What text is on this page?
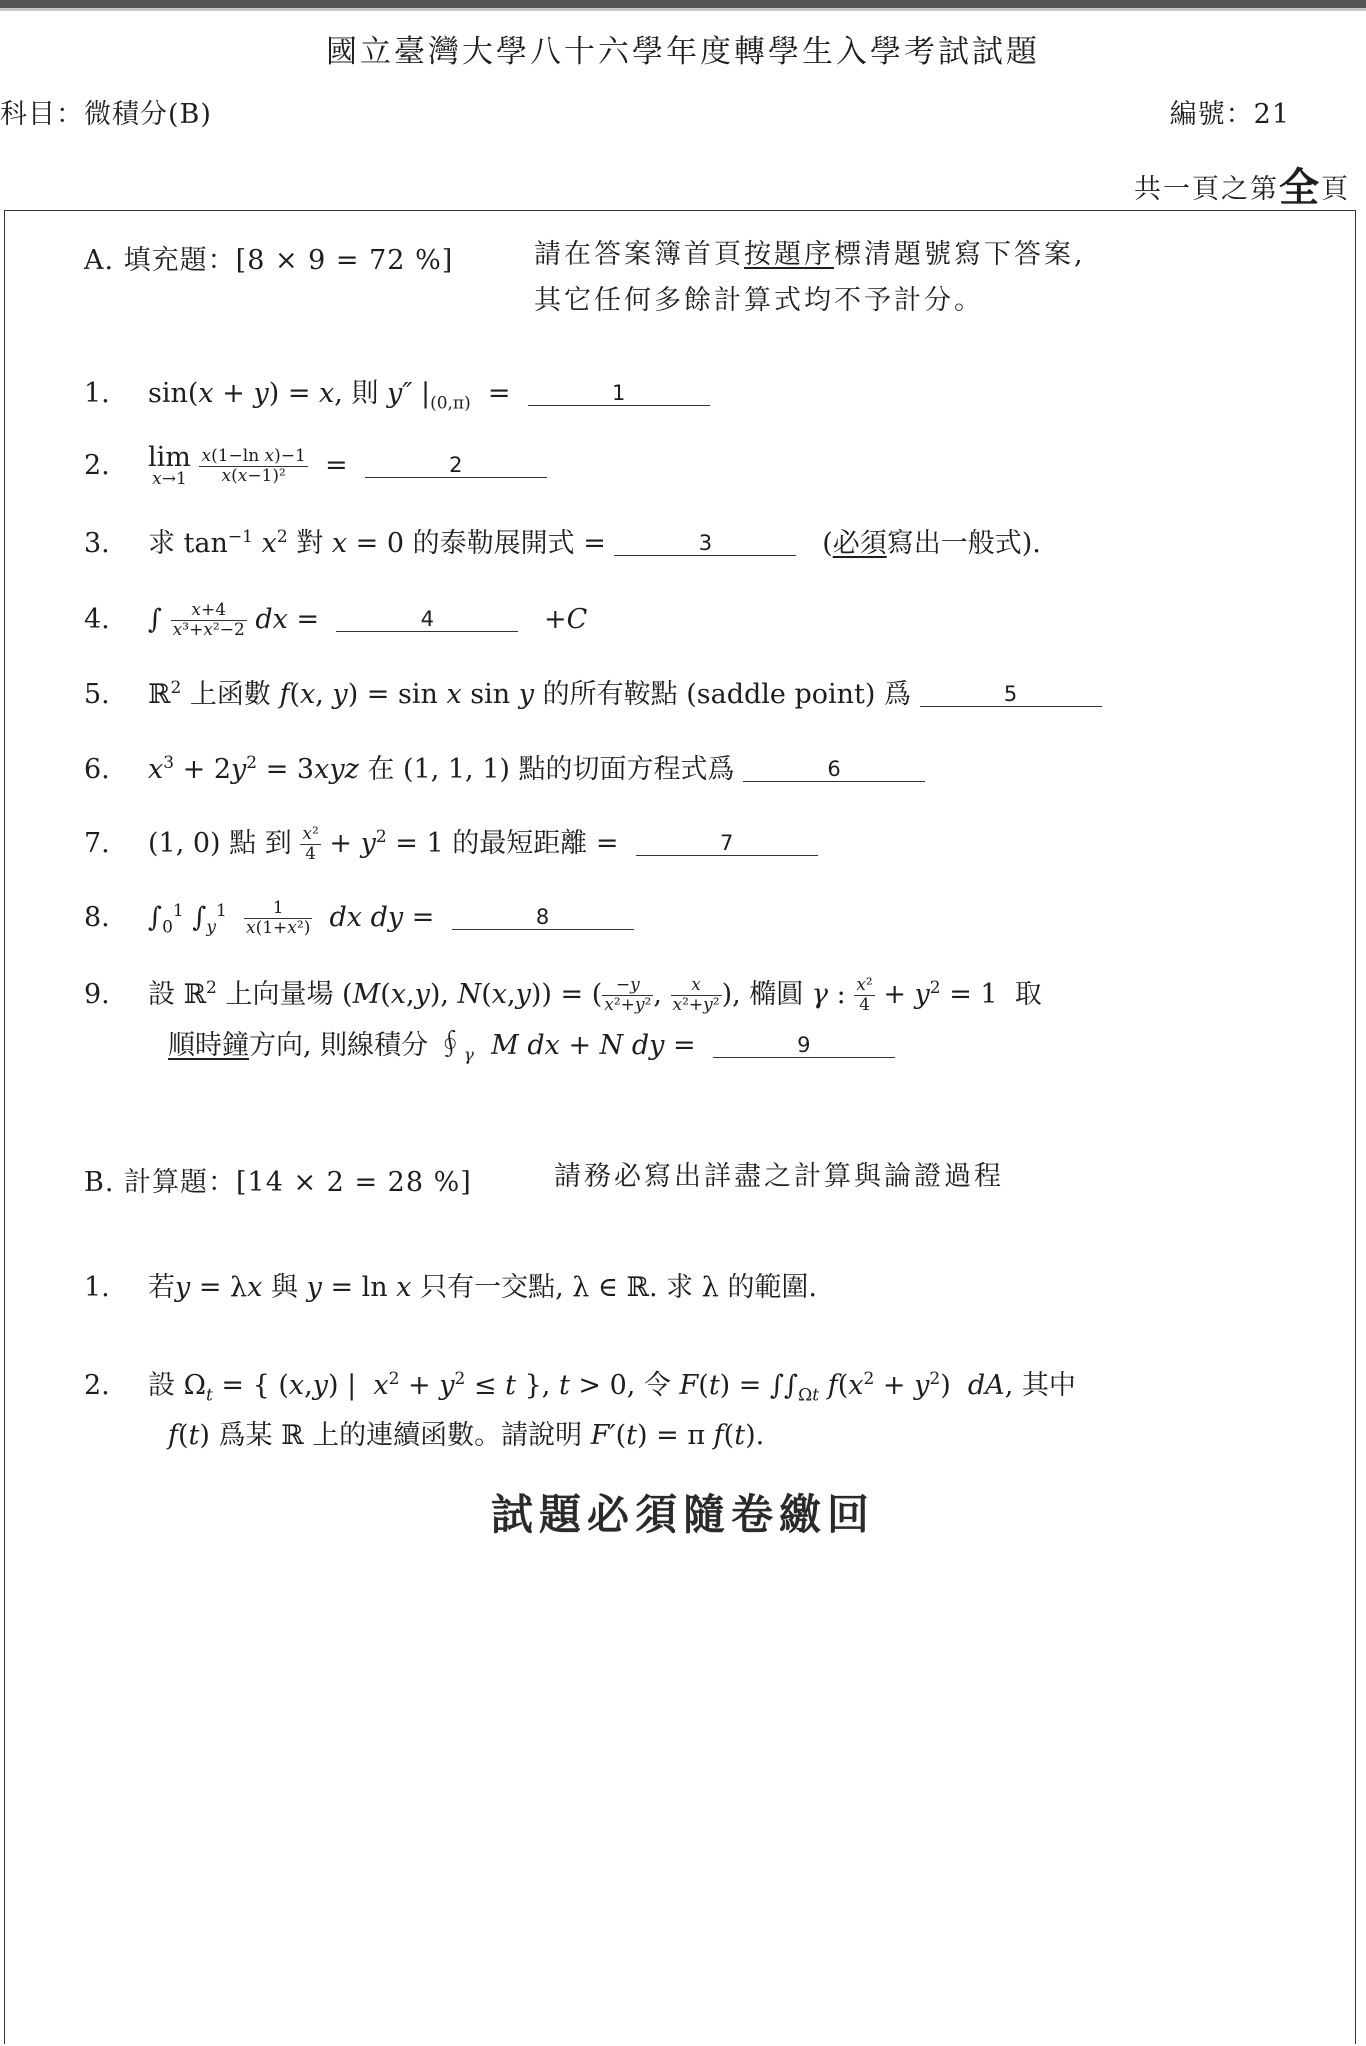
國立臺灣大學八十六學年度轉學生入學考試試題
科目：微積分(B)	編號：21
共一頁之第全頁
A. 填充題：[8 × 9 = 72 %]	請在答案簿首頁按題序標清題號寫下答案,
其它任何多餘計算式均不予計分。
1. sin(x + y) = x, 則 y″ $|_{(0,\pi)}$  =	1
2. lim
x→1
$\frac{\text{x(1−ln x)−1}}{\text{x(x−1)²}}$ =	2
3. 求 $\tan^{-1} x^2$ 對 x = 0 的泰勒展開式 =	3	(必須寫出一般式).
4. ∫ $\frac{x+4}{\text{x³+x²−2}}$ dx =	4	+C
5. ℝ$^2$ 上函數 f(x, y) = sin x sin y 的所有鞍點 (saddle point) 爲	5
6. $x^3 + 2y^2 = 3xyz$ 在 (1, 1, 1) 點的切面方程式爲	6
7. (1, 0) 點 到 $\frac{\text{x²}}{4} + y^2 = 1$ 的最短距離 =	7
8. $\int_0^1$ $\int_y^1 \frac{1}{\text{x(1+x²)}}$ dx dy =	8
9. 設 ℝ$^2$ 上向量場 (M(x,y), N(x,y)) = ( $\frac{-y}{\text{x²+y²}}$ , $\frac{x}{\text{x²+y²}}$ ), 橢圓 γ : $\frac{\text{x²}}{4} + y^2 = 1$  取
順時鐘方向, 則線積分 $∮_\gamma$ M dx + N dy =	9
B. 計算題：[14 × 2 = 28 %]	請務必寫出詳盡之計算與論證過程
1. 若y = λx 與 y = ln x 只有一交點, λ ∈ ℝ. 求 λ 的範圍.
2. 設 $\Omega_t$ = { (x,y) |  $x^2 + y^2 \le t$ }, t > 0, 令 $F(t) = \int\int_{\Omega t}$ $f(x^2 + y^2)$  dA, 其中
f(t) 爲某 ℝ 上的連續函數。請說明 F′(t) = π f(t).
試題必須隨卷繳回
